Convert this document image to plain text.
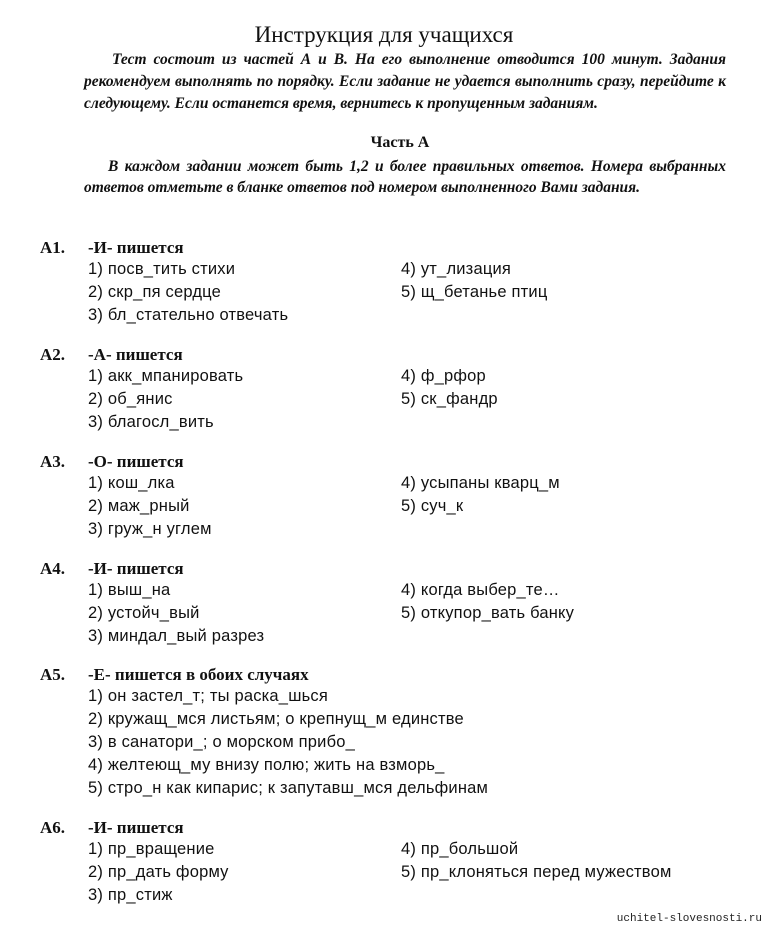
Инструкция для учащихся

Тест состоит из частей А и В. На его выполнение отводится 100 минут. Задания рекомендуем выполнять по порядку. Если задание не удается выполнить сразу, перейдите к следующему. Если останется время, вернитесь к пропущенным заданиям.

Часть А

В каждом задании может быть 1,2 и более правильных ответов. Номера выбранных ответов отметьте в бланке ответов под номером выполненного Вами задания.

А1. -И- пишется
1) посв_тить стихи
2) скр_пя сердце
3) бл_стательно отвечать
4) ут_лизация
5) щ_бетанье птиц
А2. -А- пишется
1) акк_мпанировать
2) об_янис
3) благосл_вить
4) ф_рфор
5) ск_фандр
А3. -О- пишется
1) кош_лка
2) маж_рный
3) груж_н углем
4) усыпаны кварц_м
5) суч_к
А4. -И- пишется
1) выш_на
2) устойч_вый
3) миндал_вый разрез
4) когда выбер_те…
5) откупор_вать банку
А5. -Е- пишется в обоих случаях
1) он застел_т; ты раска_шься
2) кружащ_мся листьям; о крепнущ_м единстве
3) в санатори_; о морском прибо_
4) желтеющ_му внизу полю; жить на взморь_
5) стро_н как кипарис; к запутавш_мся дельфинам
А6. -И- пишется
1) пр_вращение
2) пр_дать форму
3) пр_стиж
4) пр_большой
5) пр_клоняться перед мужеством
uchitel-slovesnosti.ru
